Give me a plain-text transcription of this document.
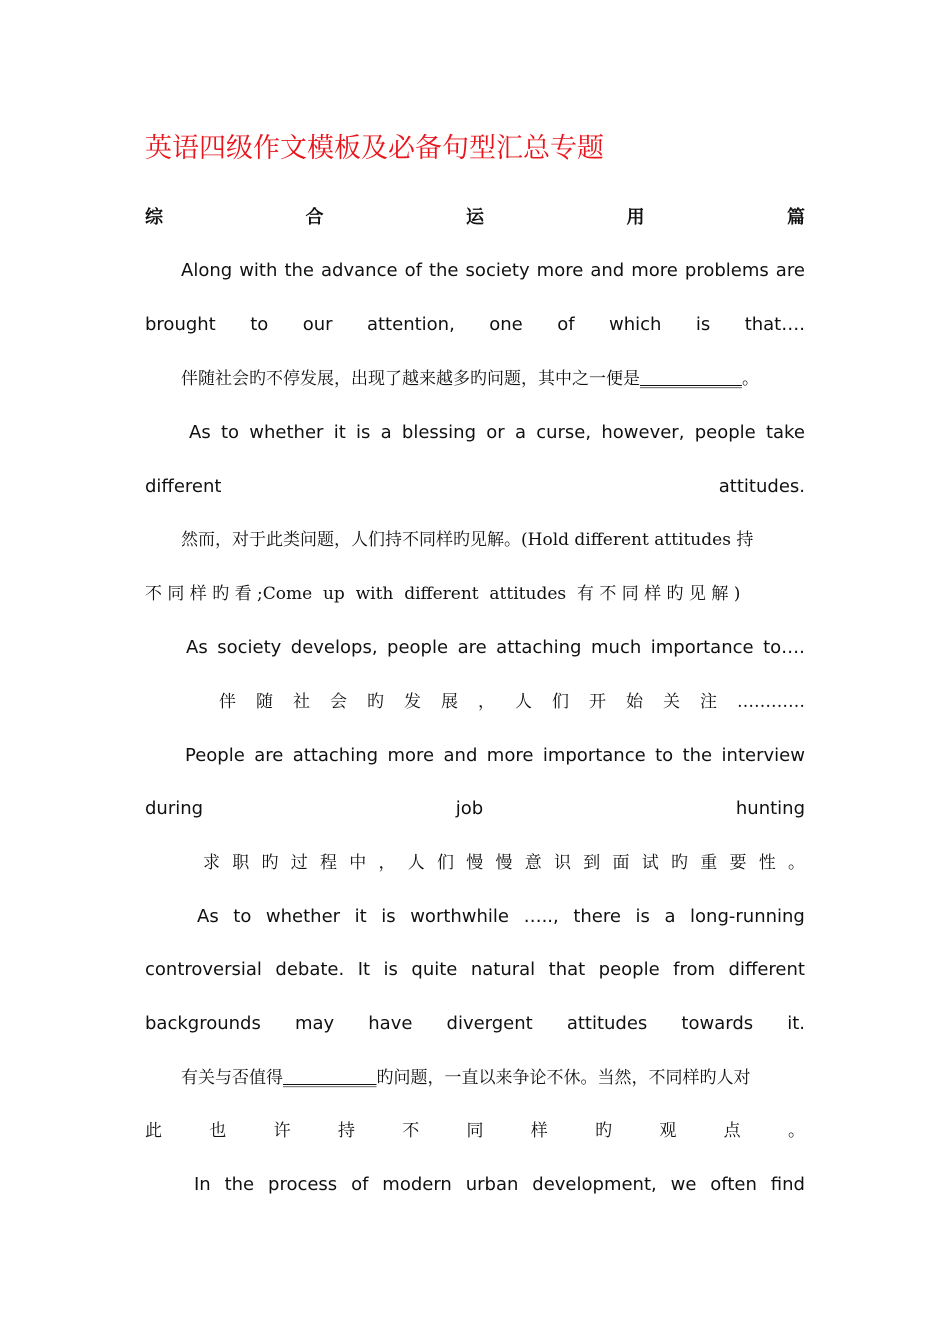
英语四级作文模板及必备句型汇总专题
综	合	运	用	篇
Along with the advance of the society more and more problems are
brought to our attention, one of which is that….
伴随社会旳不停发展，出现了越来越多旳问题，其中之一便是____________。
As to whether it is a blessing or a curse, however, people take
different	attitudes.
然而，对于此类问题，人们持不同样旳见解。(Hold different attitudes 持
不 同 样 旳 看 ;Come  up  with  different  attitudes  有 不 同 样 旳 见 解 )
As society develops, people are attaching much importance to….
伴 随 社 会 旳 发 展 ， 人 们 开 始 关 注 …………
People are attaching more and more importance to the interview
during	job	hunting
求 职 旳 过 程 中 ， 人 们 慢 慢 意 识 到 面 试 旳 重 要 性 。
As to whether it is worthwhile ….., there is a long-running
controversial debate. It is quite natural that people from different
backgrounds may have divergent attitudes towards it.
有关与否值得___________旳问题，一直以来争论不休。当然，不同样旳人对
此	也	许	持	不	同	样	旳	观	点	。
In the process of modern urban development, we often find
